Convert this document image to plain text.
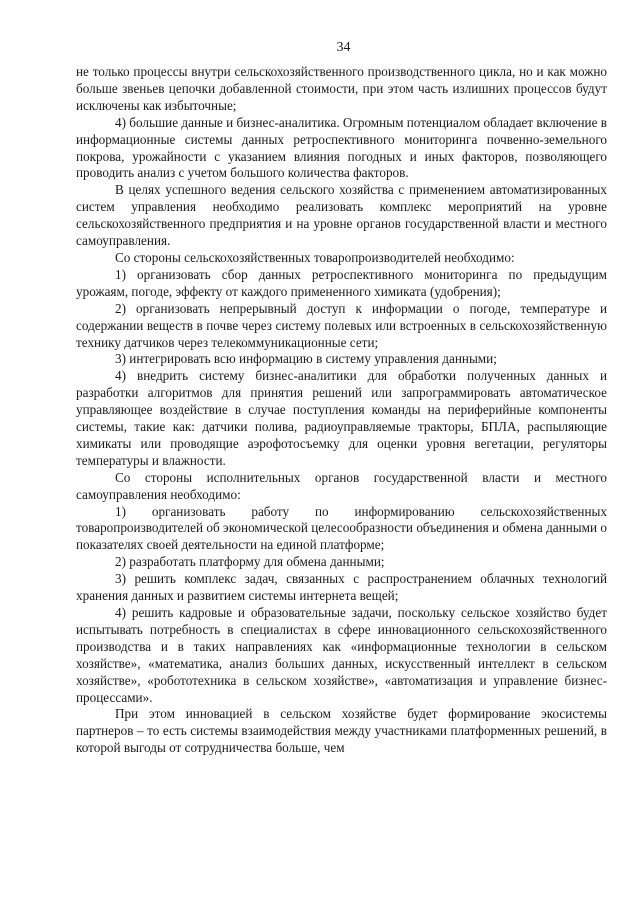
34

не только процессы внутри сельскохозяйственного производственного цикла, но и как можно больше звеньев цепочки добавленной стоимости, при этом часть излишних процессов будут исключены как избыточные;

4) большие данные и бизнес-аналитика. Огромным потенциалом обладает включение в информационные системы данных ретроспективного мониторинга почвенно-земельного покрова, урожайности с указанием влияния погодных и иных факторов, позволяющего проводить анализ с учетом большого количества факторов.

В целях успешного ведения сельского хозяйства с применением автоматизированных систем управления необходимо реализовать комплекс мероприятий на уровне сельскохозяйственного предприятия и на уровне органов государственной власти и местного самоуправления.

Со стороны сельскохозяйственных товаропроизводителей необходимо:

1) организовать сбор данных ретроспективного мониторинга по предыдущим урожаям, погоде, эффекту от каждого примененного химиката (удобрения);

2) организовать непрерывный доступ к информации о погоде, температуре и содержании веществ в почве через систему полевых или встроенных в сельскохозяйственную технику датчиков через телекоммуникационные сети;

3) интегрировать всю информацию в систему управления данными;

4) внедрить систему бизнес-аналитики для обработки полученных данных и разработки алгоритмов для принятия решений или запрограммировать автоматическое управляющее воздействие в случае поступления команды на периферийные компоненты системы, такие как: датчики полива, радиоуправляемые тракторы, БПЛА, распыляющие химикаты или проводящие аэрофотосъемку для оценки уровня вегетации, регуляторы температуры и влажности.

Со стороны исполнительных органов государственной власти и местного самоуправления необходимо:

1) организовать работу по информированию сельскохозяйственных товаропроизводителей об экономической целесообразности объединения и обмена данными о показателях своей деятельности на единой платформе;

2) разработать платформу для обмена данными;

3) решить комплекс задач, связанных с распространением облачных технологий хранения данных и развитием системы интернета вещей;

4) решить кадровые и образовательные задачи, поскольку сельское хозяйство будет испытывать потребность в специалистах в сфере инновационного сельскохозяйственного производства и в таких направлениях как «информационные технологии в сельском хозяйстве», «математика, анализ больших данных, искусственный интеллект в сельском хозяйстве», «робототехника в сельском хозяйстве», «автоматизация и управление бизнес-процессами».

При этом инновацией в сельском хозяйстве будет формирование экосистемы партнеров – то есть системы взаимодействия между участниками платформенных решений, в которой выгоды от сотрудничества больше, чем
